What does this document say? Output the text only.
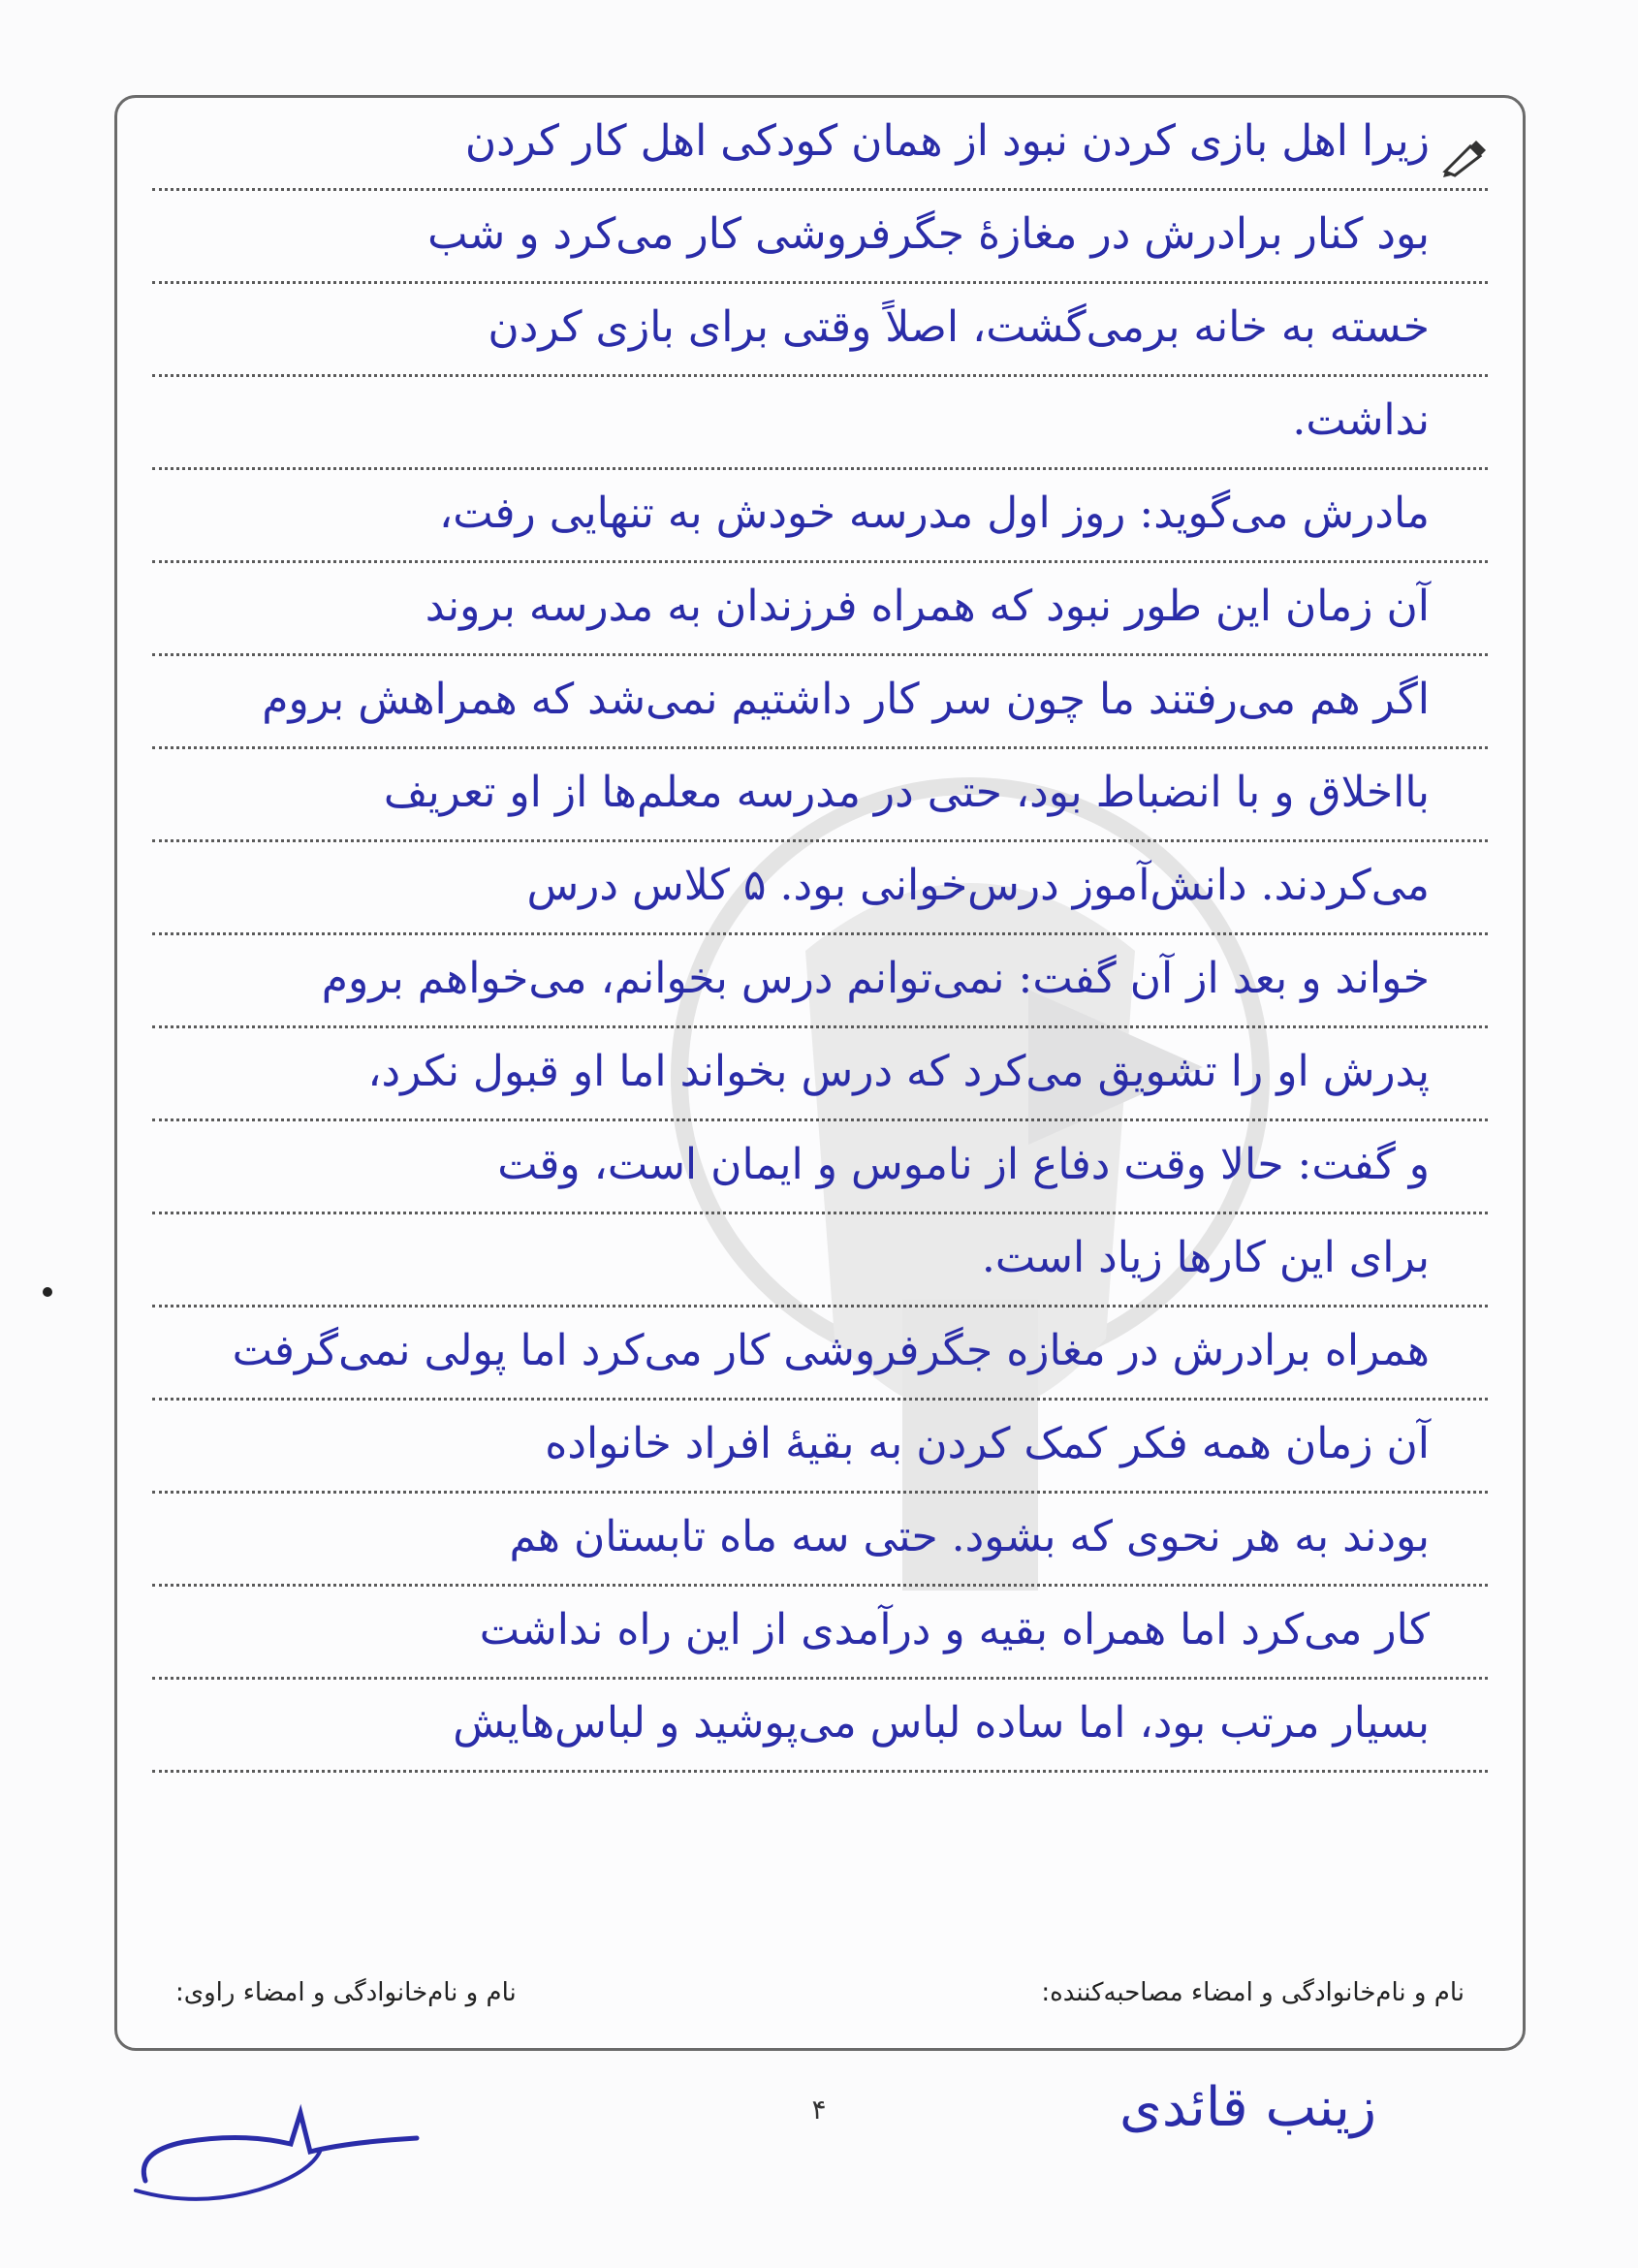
زیرا اهل بازی کردن نبود از همان کودکی اهل کار کردن
بود کنار برادرش در مغازهٔ جگرفروشی کار می‌کرد و شب
خسته به خانه برمی‌گشت، اصلاً وقتی برای بازی کردن
نداشت.
مادرش می‌گوید: روز اول مدرسه خودش به تنهایی رفت،
آن زمان این طور نبود که همراه فرزندان به مدرسه بروند
اگر هم می‌رفتند ما چون سر کار داشتیم نمی‌شد که همراهش بروم
بااخلاق و با انضباط بود، حتی در مدرسه معلم‌ها از او تعریف
می‌کردند. دانش‌آموز درس‌خوانی بود. ۵ کلاس درس
خواند و بعد از آن گفت: نمی‌توانم درس بخوانم، می‌خواهم بروم
پدرش او را تشویق می‌کرد که درس بخواند اما او قبول نکرد،
و گفت: حالا وقت دفاع از ناموس و ایمان است، وقت
برای این کارها زیاد است.
همراه برادرش در مغازه جگرفروشی کار می‌کرد اما پولی نمی‌گرفت
آن زمان همه فکر کمک کردن به بقیهٔ افراد خانواده
بودند به هر نحوی که بشود. حتی سه ماه تابستان هم
کار می‌کرد اما همراه بقیه و درآمدی از این راه نداشت
بسیار مرتب بود، اما ساده لباس می‌پوشید و لباس‌هایش
نام و نام‌خانوادگی و امضاء مصاحبه‌کننده:
نام و نام‌خانوادگی و امضاء راوی:
۴	زینب قائدی
